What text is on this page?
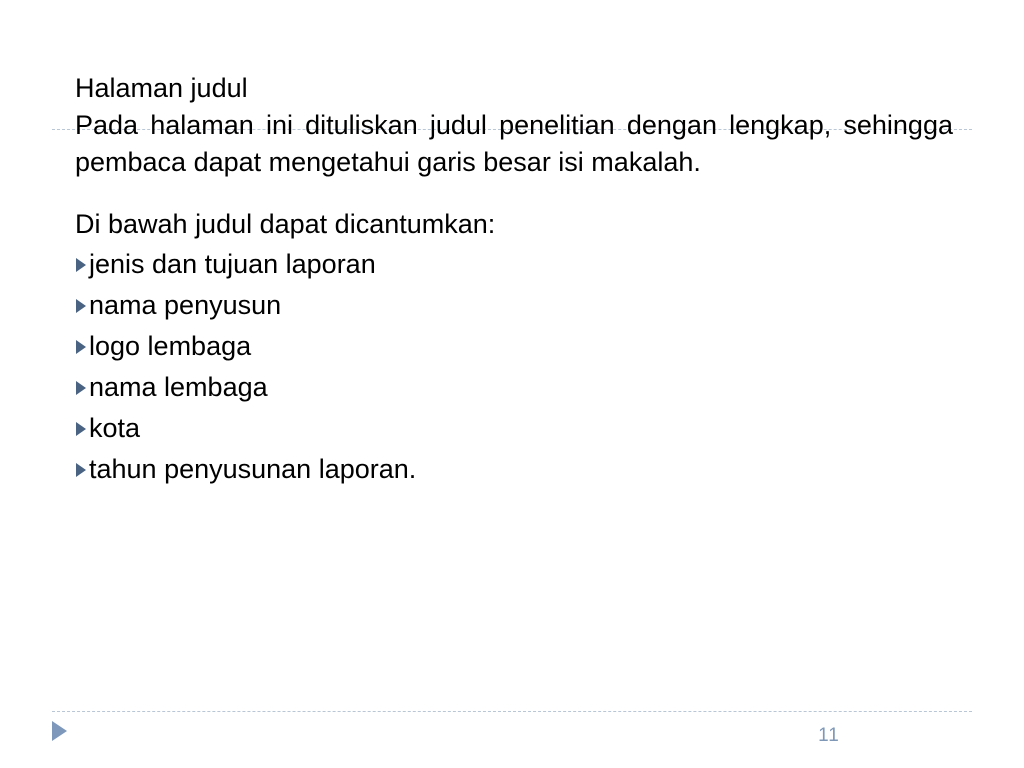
Halaman judul

Pada halaman ini dituliskan judul penelitian dengan lengkap, sehingga pembaca dapat mengetahui garis besar isi makalah.

Di bawah judul dapat dicantumkan:

jenis dan tujuan laporan
nama penyusun
logo lembaga
nama lembaga
kota
tahun penyusunan laporan.
11
